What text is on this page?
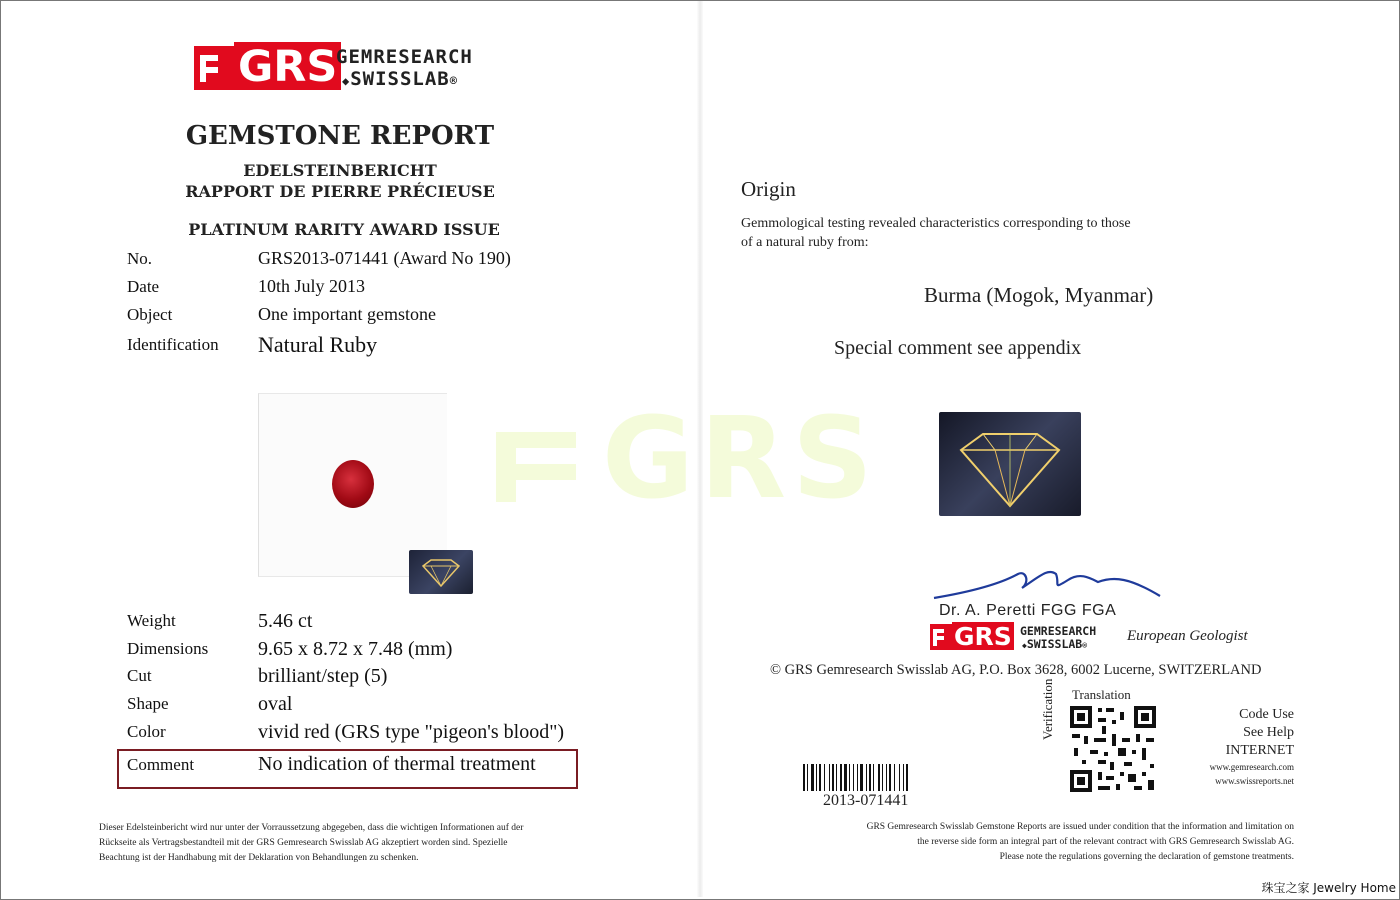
GRS
GRS
GEMRESEARCH
◆SWISSLAB®
GEMSTONE REPORT
EDELSTEINBERICHT
RAPPORT DE PIERRE PRÉCIEUSE
PLATINUM RARITY AWARD ISSUE
No.	GRS2013-071441 (Award No 190)
Date	10th July 2013
Object	One important gemstone
Identification Natural Ruby
Weight	5.46 ct
Dimensions 9.65 x 8.72 x 7.48 (mm)
Cut	brilliant/step (5)
Shape	oval
Color	vivid red (GRS type "pigeon's blood")
Comment	No indication of thermal treatment
Dieser Edelsteinbericht wird nur unter der Vorraussetzung abgegeben, dass die wichtigen Informationen auf der
Rückseite als Vertragsbestandteil mit der GRS Gemresearch Swisslab AG akzeptiert worden sind. Spezielle
Beachtung ist der Handhabung mit der Deklaration von Behandlungen zu schenken.
Origin
Gemmological testing revealed characteristics corresponding to those
of a natural ruby from:
Burma (Mogok, Myanmar)
Special comment see appendix
Dr. A. Peretti FGG FGA
GRS GEMRESEARCH
◆SWISSLAB®
European Geologist
© GRS Gemresearch Swisslab AG, P.O. Box 3628, 6002 Lucerne, SWITZERLAND
Translation
Verification	Code Use
See Help
INTERNET
www.gemresearch.com
www.swissreports.net
2013-071441
GRS Gemresearch Swisslab Gemstone Reports are issued under condition that the information and limitation on
the reverse side form an integral part of the relevant contract with GRS Gemresearch Swisslab AG.
Please note the regulations governing the declaration of gemstone treatments.
珠宝之家 Jewelry Home
